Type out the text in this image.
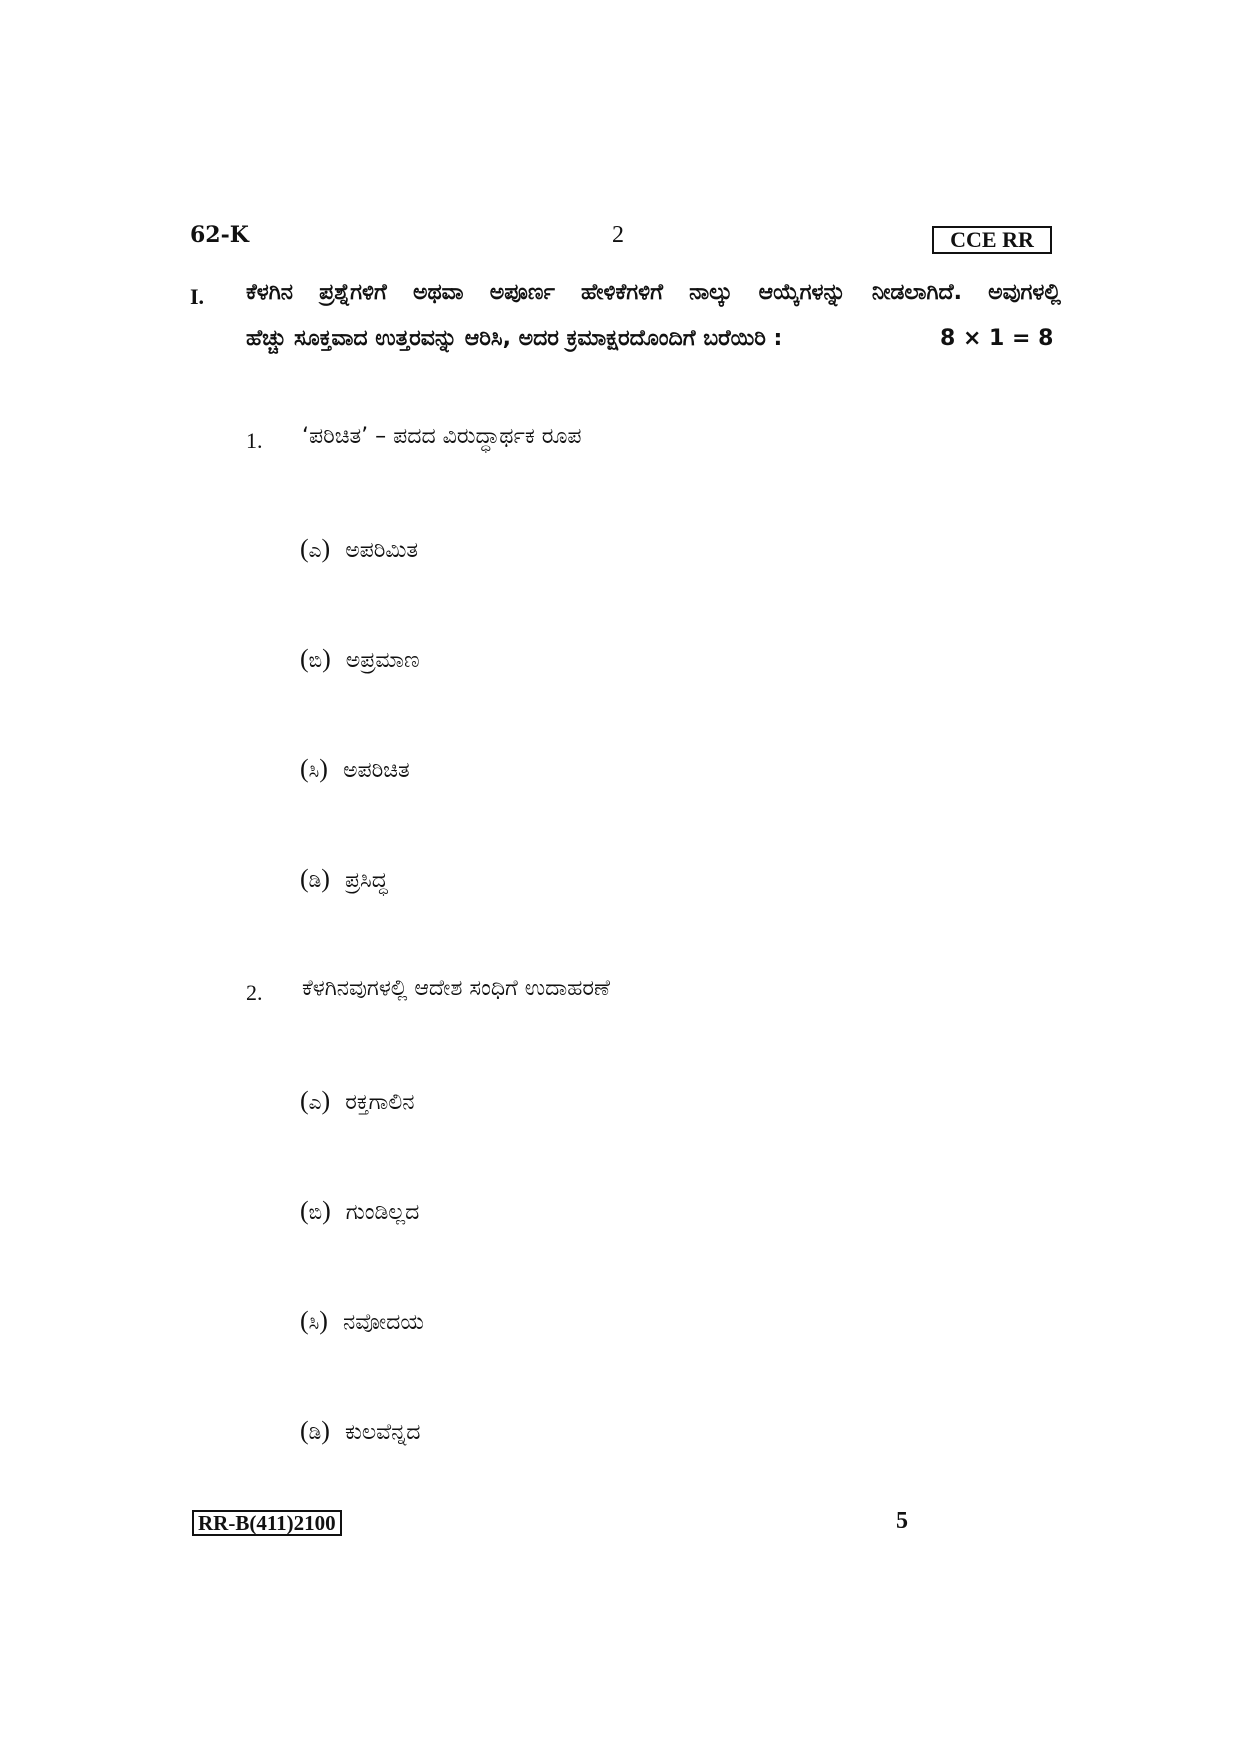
62-K	2	CCE RR
I. ಕೆಳಗಿನ ಪ್ರಶ್ನೆಗಳಿಗೆ ಅಥವಾ ಅಪೂರ್ಣ ಹೇಳಿಕೆಗಳಿಗೆ ನಾಲ್ಕು ಆಯ್ಕೆಗಳನ್ನು ನೀಡಲಾಗಿದೆ. ಅವುಗಳಲ್ಲಿ
ಹೆಚ್ಚು ಸೂಕ್ತವಾದ ಉತ್ತರವನ್ನು ಆರಿಸಿ, ಅದರ ಕ್ರಮಾಕ್ಷರದೊಂದಿಗೆ ಬರೆಯಿರಿ :	8 × 1 = 8
1. ‘ಪರಿಚಿತ’ – ಪದದ ವಿರುದ್ಧಾರ್ಥಕ ರೂಪ
(ಎ) ಅಪರಿಮಿತ
(ಬಿ) ಅಪ್ರಮಾಣ
(ಸಿ) ಅಪರಿಚಿತ
(ಡಿ) ಪ್ರಸಿದ್ಧ
2. ಕೆಳಗಿನವುಗಳಲ್ಲಿ ಆದೇಶ ಸಂಧಿಗೆ ಉದಾಹರಣೆ
(ಎ) ರಕ್ತಗಾಲಿನ
(ಬಿ) ಗುಂಡಿಲ್ಲದ
(ಸಿ) ನವೋದಯ
(ಡಿ) ಕುಲವೆನ್ನದ
RR-B(411)2100	5
